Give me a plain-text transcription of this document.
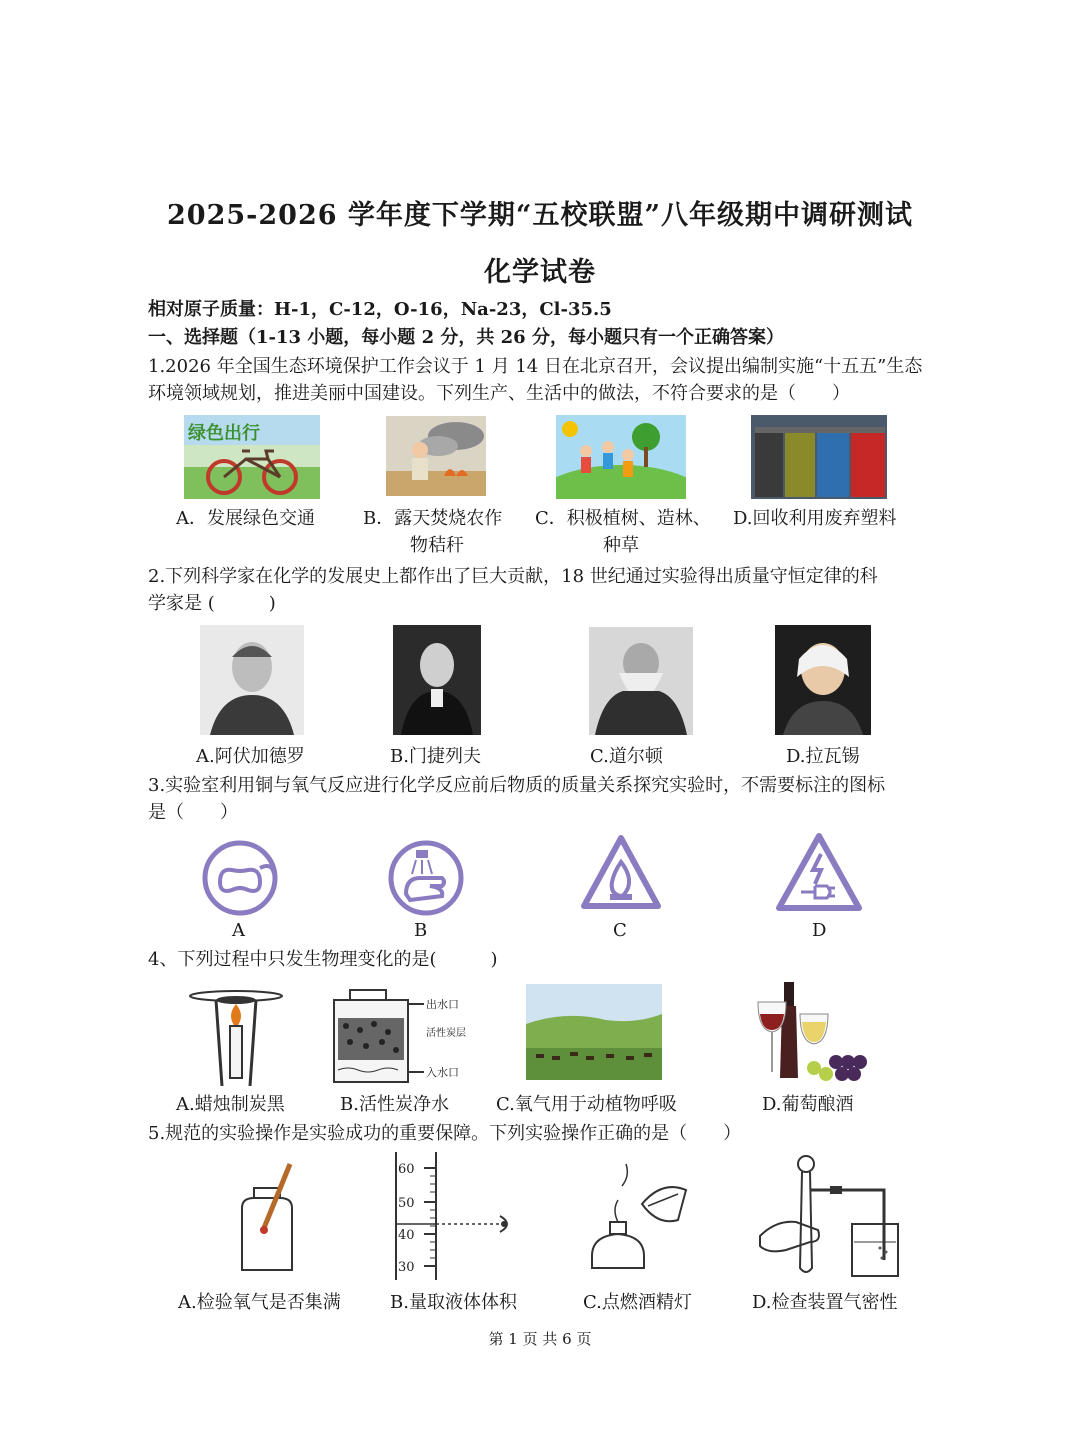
2025-2026 学年度下学期“五校联盟”八年级期中调研测试
化学试卷
相对原子质量：H-1，C-12，O-16，Na-23，Cl-35.5
一、选择题（1-13 小题，每小题 2 分，共 26 分，每小题只有一个正确答案）
1.2026 年全国生态环境保护工作会议于 1 月 14 日在北京召开，会议提出编制实施“十五五”生态
环境领域规划，推进美丽中国建设。下列生产、生活中的做法，不符合要求的是（　　）
绿色出行
A．发展绿色交通	B．露天焚烧农作
物秸秆
C．积极植树、造林、
种草
D.回收利用废弃塑料
2.下列科学家在化学的发展史上都作出了巨大贡献，18 世纪通过实验得出质量守恒定律的科
学家是 (　　　)
A.阿伏加德罗	B.门捷列夫	C.道尔顿	D.拉瓦锡
3.实验室利用铜与氧气反应进行化学反应前后物质的质量关系探究实验时，不需要标注的图标
是（　　）
A	B	C	D
4、下列过程中只发生物理变化的是(　　　)
出水口
活性炭层
入水口
A.蜡烛制炭黑	B.活性炭净水	C.氧气用于动植物呼吸	D.葡萄酿酒
5.规范的实验操作是实验成功的重要保障。下列实验操作正确的是（　　）
60
50
40
30
A.检验氧气是否集满	B.量取液体体积	C.点燃酒精灯	D.检查装置气密性
第 1 页 共 6 页
